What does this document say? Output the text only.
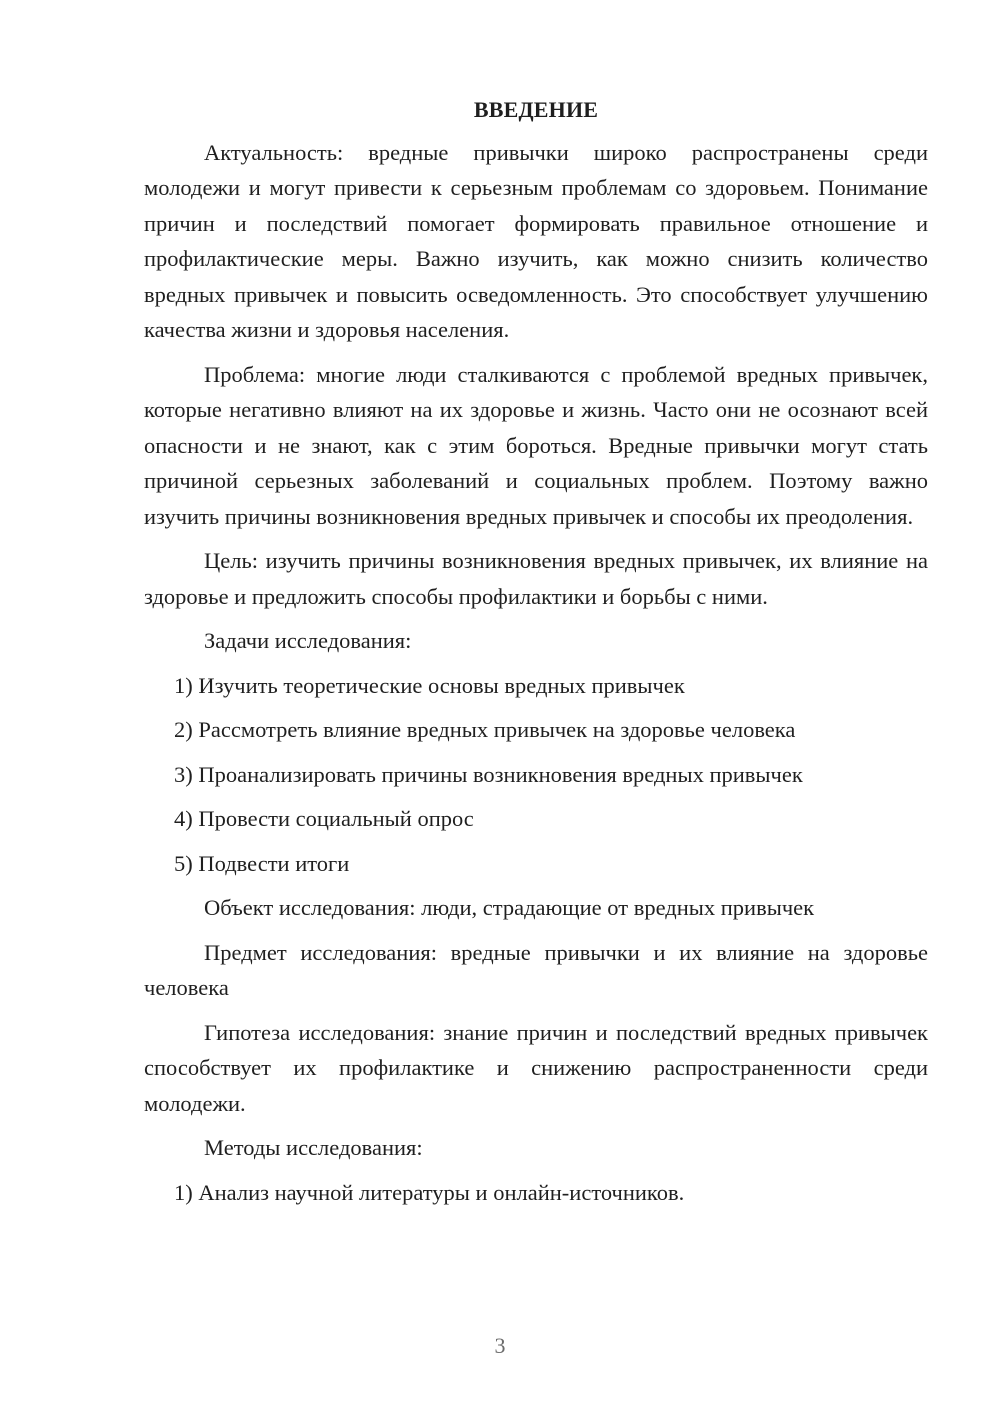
ВВЕДЕНИЕ

Актуальность: вредные привычки широко распространены среди молодежи и могут привести к серьезным проблемам со здоровьем. Понимание причин и последствий помогает формировать правильное отношение и профилактические меры. Важно изучить, как можно снизить количество вредных привычек и повысить осведомленность. Это способствует улучшению качества жизни и здоровья населения.

Проблема: многие люди сталкиваются с проблемой вредных привычек, которые негативно влияют на их здоровье и жизнь. Часто они не осознают всей опасности и не знают, как с этим бороться. Вредные привычки могут стать причиной серьезных заболеваний и социальных проблем. Поэтому важно изучить причины возникновения вредных привычек и способы их преодоления.

Цель: изучить причины возникновения вредных привычек, их влияние на здоровье и предложить способы профилактики и борьбы с ними.

Задачи исследования:

1) Изучить теоретические основы вредных привычек

2) Рассмотреть влияние вредных привычек на здоровье человека

3) Проанализировать причины возникновения вредных привычек

4) Провести социальный опрос

5) Подвести итоги

Объект исследования: люди, страдающие от вредных привычек

Предмет исследования: вредные привычки и их влияние на здоровье человека

Гипотеза исследования: знание причин и последствий вредных привычек способствует их профилактике и снижению распространенности среди молодежи.

Методы исследования:

1) Анализ научной литературы и онлайн-источников.

3
